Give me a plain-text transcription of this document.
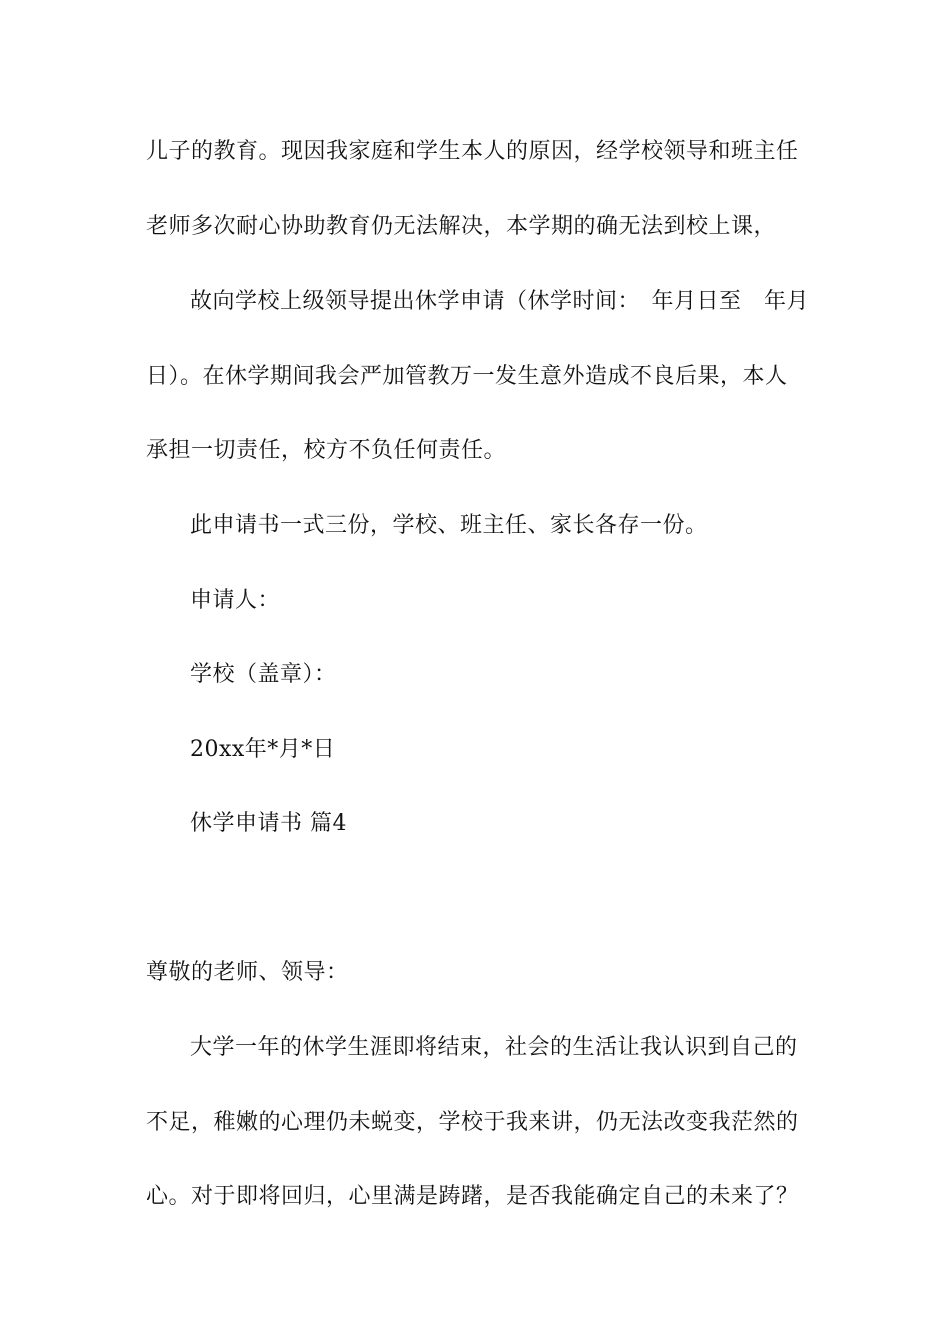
儿子的教育。现因我家庭和学生本人的原因，经学校领导和班主任
老师多次耐心协助教育仍无法解决，本学期的确无法到校上课，
故向学校上级领导提出休学申请（休学时间：　年月日至　年月
日）。在休学期间我会严加管教万一发生意外造成不良后果，本人
承担一切责任，校方不负任何责任。
此申请书一式三份，学校、班主任、家长各存一份。
申请人：
学校（盖章）：
20xx年*月*日
休学申请书 篇4
尊敬的老师、领导：
大学一年的休学生涯即将结束，社会的生活让我认识到自己的
不足，稚嫩的心理仍未蜕变，学校于我来讲，仍无法改变我茫然的
心。对于即将回归，心里满是踌躇，是否我能确定自己的未来了？
